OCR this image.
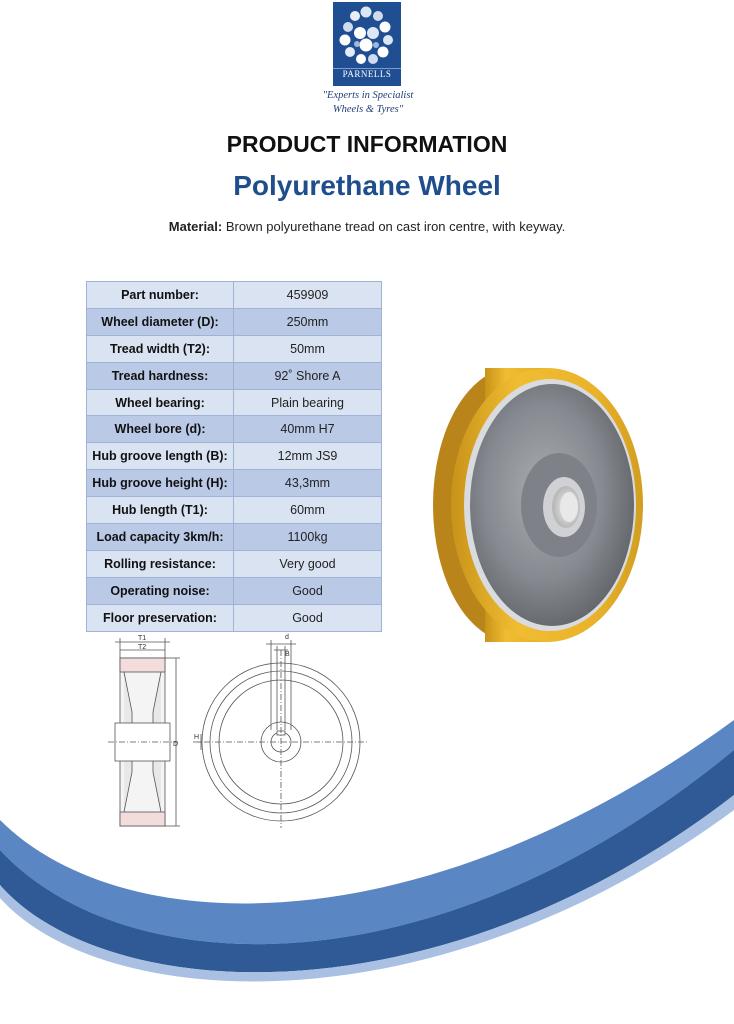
PARNELLS
"Experts in Specialist
Wheels & Tyres"
PRODUCT INFORMATION
Polyurethane Wheel
Material: Brown polyurethane tread on cast iron centre, with keyway.
Part number:	459909
Wheel diameter (D):	250mm
Tread width (T2):	50mm
Tread hardness:	92˚ Shore A
Wheel bearing:	Plain bearing
Wheel bore (d):	40mm H7
Hub groove length (B):	12mm JS9
Hub groove height (H):	43,3mm
Hub length (T1):	60mm
Load capacity 3km/h:	1100kg
Rolling resistance:	Very good
Operating noise:	Good
Floor preservation:	Good
T1
T2
D
d
B
H
